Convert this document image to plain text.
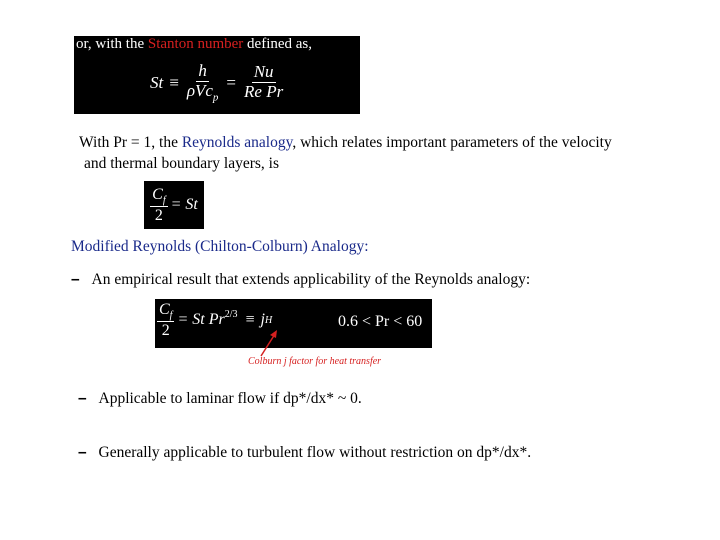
or, with the Stanton number defined as,
$St \equiv \frac{h}{\rho Vc_p} = \frac{Nu}{\text{Re Pr}}$
With Pr = 1, the Reynolds analogy, which relates important parameters of the velocity
and thermal boundary layers, is
$\frac{C_f}{2} = St$
Modified Reynolds (Chilton-Colburn) Analogy:
– An empirical result that extends applicability of the Reynolds analogy:
$\frac{C_f}{2} = St$ $Pr^{2/3} \equiv j$ H	0.6 < Pr < 60
Colburn j factor for heat transfer
– Applicable to laminar flow if dp*/dx* ~ 0.
– Generally applicable to turbulent flow without restriction on dp*/dx*.
